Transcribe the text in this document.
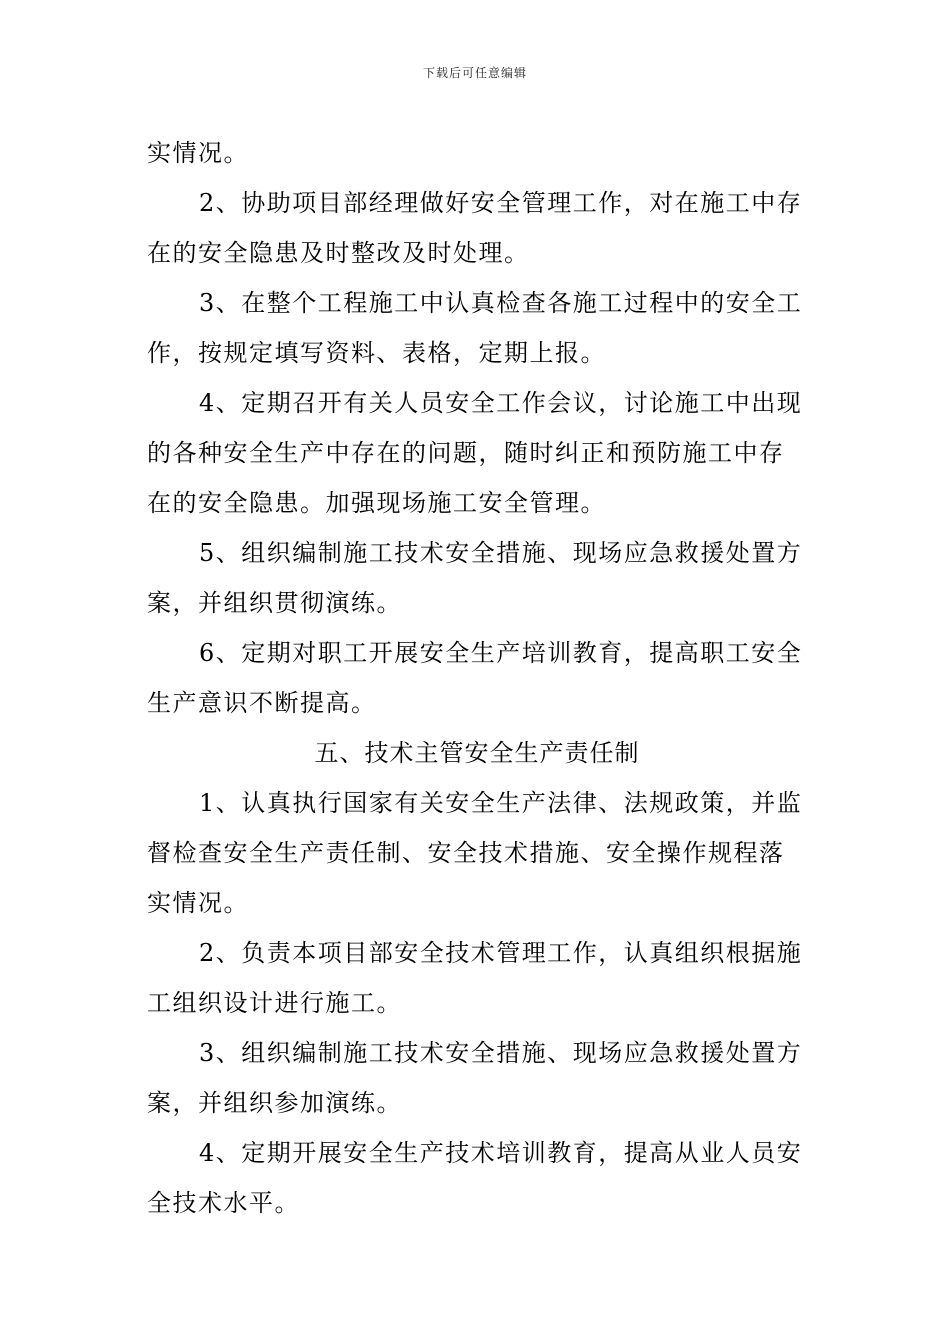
下载后可任意编辑
实情况。
2、协助项目部经理做好安全管理工作，对在施工中存
在的安全隐患及时整改及时处理。
3、在整个工程施工中认真检查各施工过程中的安全工
作，按规定填写资料、表格，定期上报。
4、定期召开有关人员安全工作会议，讨论施工中出现
的各种安全生产中存在的问题，随时纠正和预防施工中存
在的安全隐患。加强现场施工安全管理。
5、组织编制施工技术安全措施、现场应急救援处置方
案，并组织贯彻演练。
6、定期对职工开展安全生产培训教育，提高职工安全
生产意识不断提高。
五、技术主管安全生产责任制
1、认真执行国家有关安全生产法律、法规政策，并监
督检查安全生产责任制、安全技术措施、安全操作规程落
实情况。
2、负责本项目部安全技术管理工作，认真组织根据施
工组织设计进行施工。
3、组织编制施工技术安全措施、现场应急救援处置方
案，并组织参加演练。
4、定期开展安全生产技术培训教育，提高从业人员安
全技术水平。
